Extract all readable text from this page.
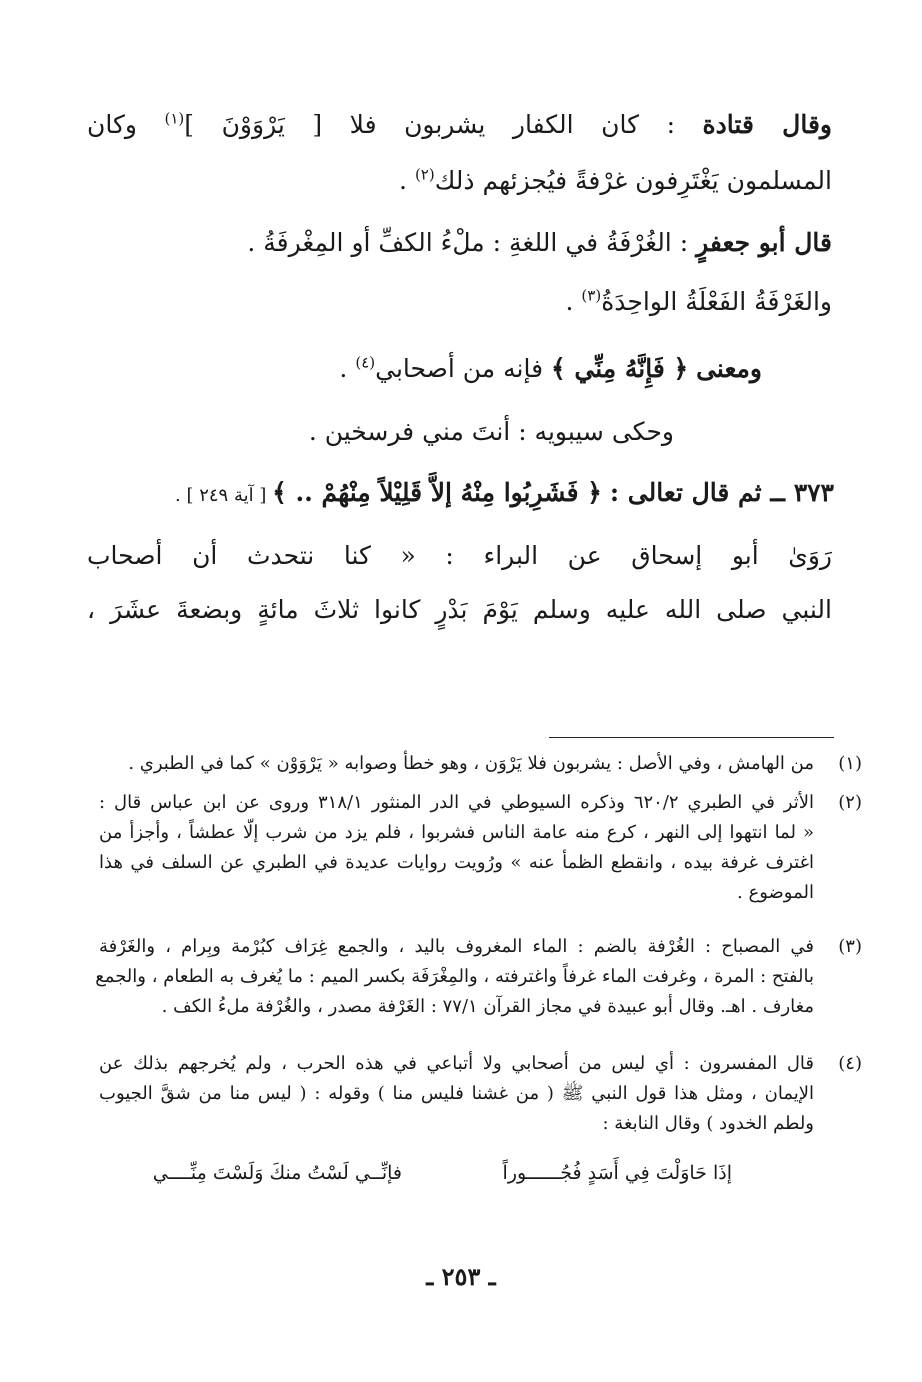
وقال قتادة : كان الكفار يشربون فلا [ يَرْوَوْنَ ]$^{(١)}$ وكان
المسلمون يَغْتَرِفون غرْفةً فيُجزئهم ذلك$^{(٢)}$ .
قال أبو جعفرٍ : الغُرْفَةُ في اللغةِ : ملْءُ الكفِّ أو المِغْرفَةُ .
والغَرْفَةُ الفَعْلَةُ الواحِدَةُ$^{(٣)}$ .
ومعنى ﴿ فَإِنَّهُ مِنِّي ﴾ فإنه من أصحابي$^{(٤)}$ .
وحكى سيبويه : أنتَ مني فرسخين .
٣٧٣ ــ ثم قال تعالى : ﴿ فَشَرِبُوا مِنْهُ إلاَّ قَلِيْلاً مِنْهُمْ .. ﴾ [ آية ٢٤٩ ] .
رَوَىٰ أبو إسحاق عن البراء : « كنا نتحدث أن أصحاب
النبي صلى الله عليه وسلم يَوْمَ بَدْرٍ كانوا ثلاثَ مائةٍ وبضعةَ عشَرَ ،
(١)
من الهامش ، وفي الأصل : يشربون فلا يَرْوَن ، وهو خطأ وصوابه « يَرْوَوْن » كما في الطبري .
(٢)
الأثر في الطبري ٦٢٠/٢ وذكره السيوطي في الدر المنثور ٣١٨/١ وروى عن ابن عباس قال :
« لما انتهوا إلى النهر ، كرع منه عامة الناس فشربوا ، فلم يزد من شرب إلّا عطشاً ، وأجزأ من
اغترف غرفة بيده ، وانقطع الظمأ عنه » ورُويت روايات عديدة في الطبري عن السلف في هذا
الموضوع .
(٣)
في المصباح : الغُرْفة بالضم : الماء المغروف باليد ، والجمع غِرَاف كبُرْمة وبِرام ، والغَرْفة
بالفتح : المرة ، وغرفت الماء غرفاً واغترفته ، والمِغْرَفَة بكسر الميم : ما يُغرف به الطعام ، والجمع
مغارف . اهـ. وقال أبو عبيدة في مجاز القرآن ٧٧/١ : الغَرْفة مصدر ، والغُرْفة ملءُ الكف .
(٤)
قال المفسرون : أي ليس من أصحابي ولا أتباعي في هذه الحرب ، ولم يُخرجهم بذلك عن
الإيمان ، ومثل هذا قول النبي ﷺ ( من غشنا فليس منا ) وقوله : ( ليس منا من شقَّ الجيوب
ولطم الخدود ) وقال النابغة :
إذَا حَاوَلْتَ فِي أَسَدٍ فُجُــــــوراً
فإنِّــي لَسْتُ منكَ وَلَسْتَ مِنِّــــي
ـ ٢٥٣ ـ
